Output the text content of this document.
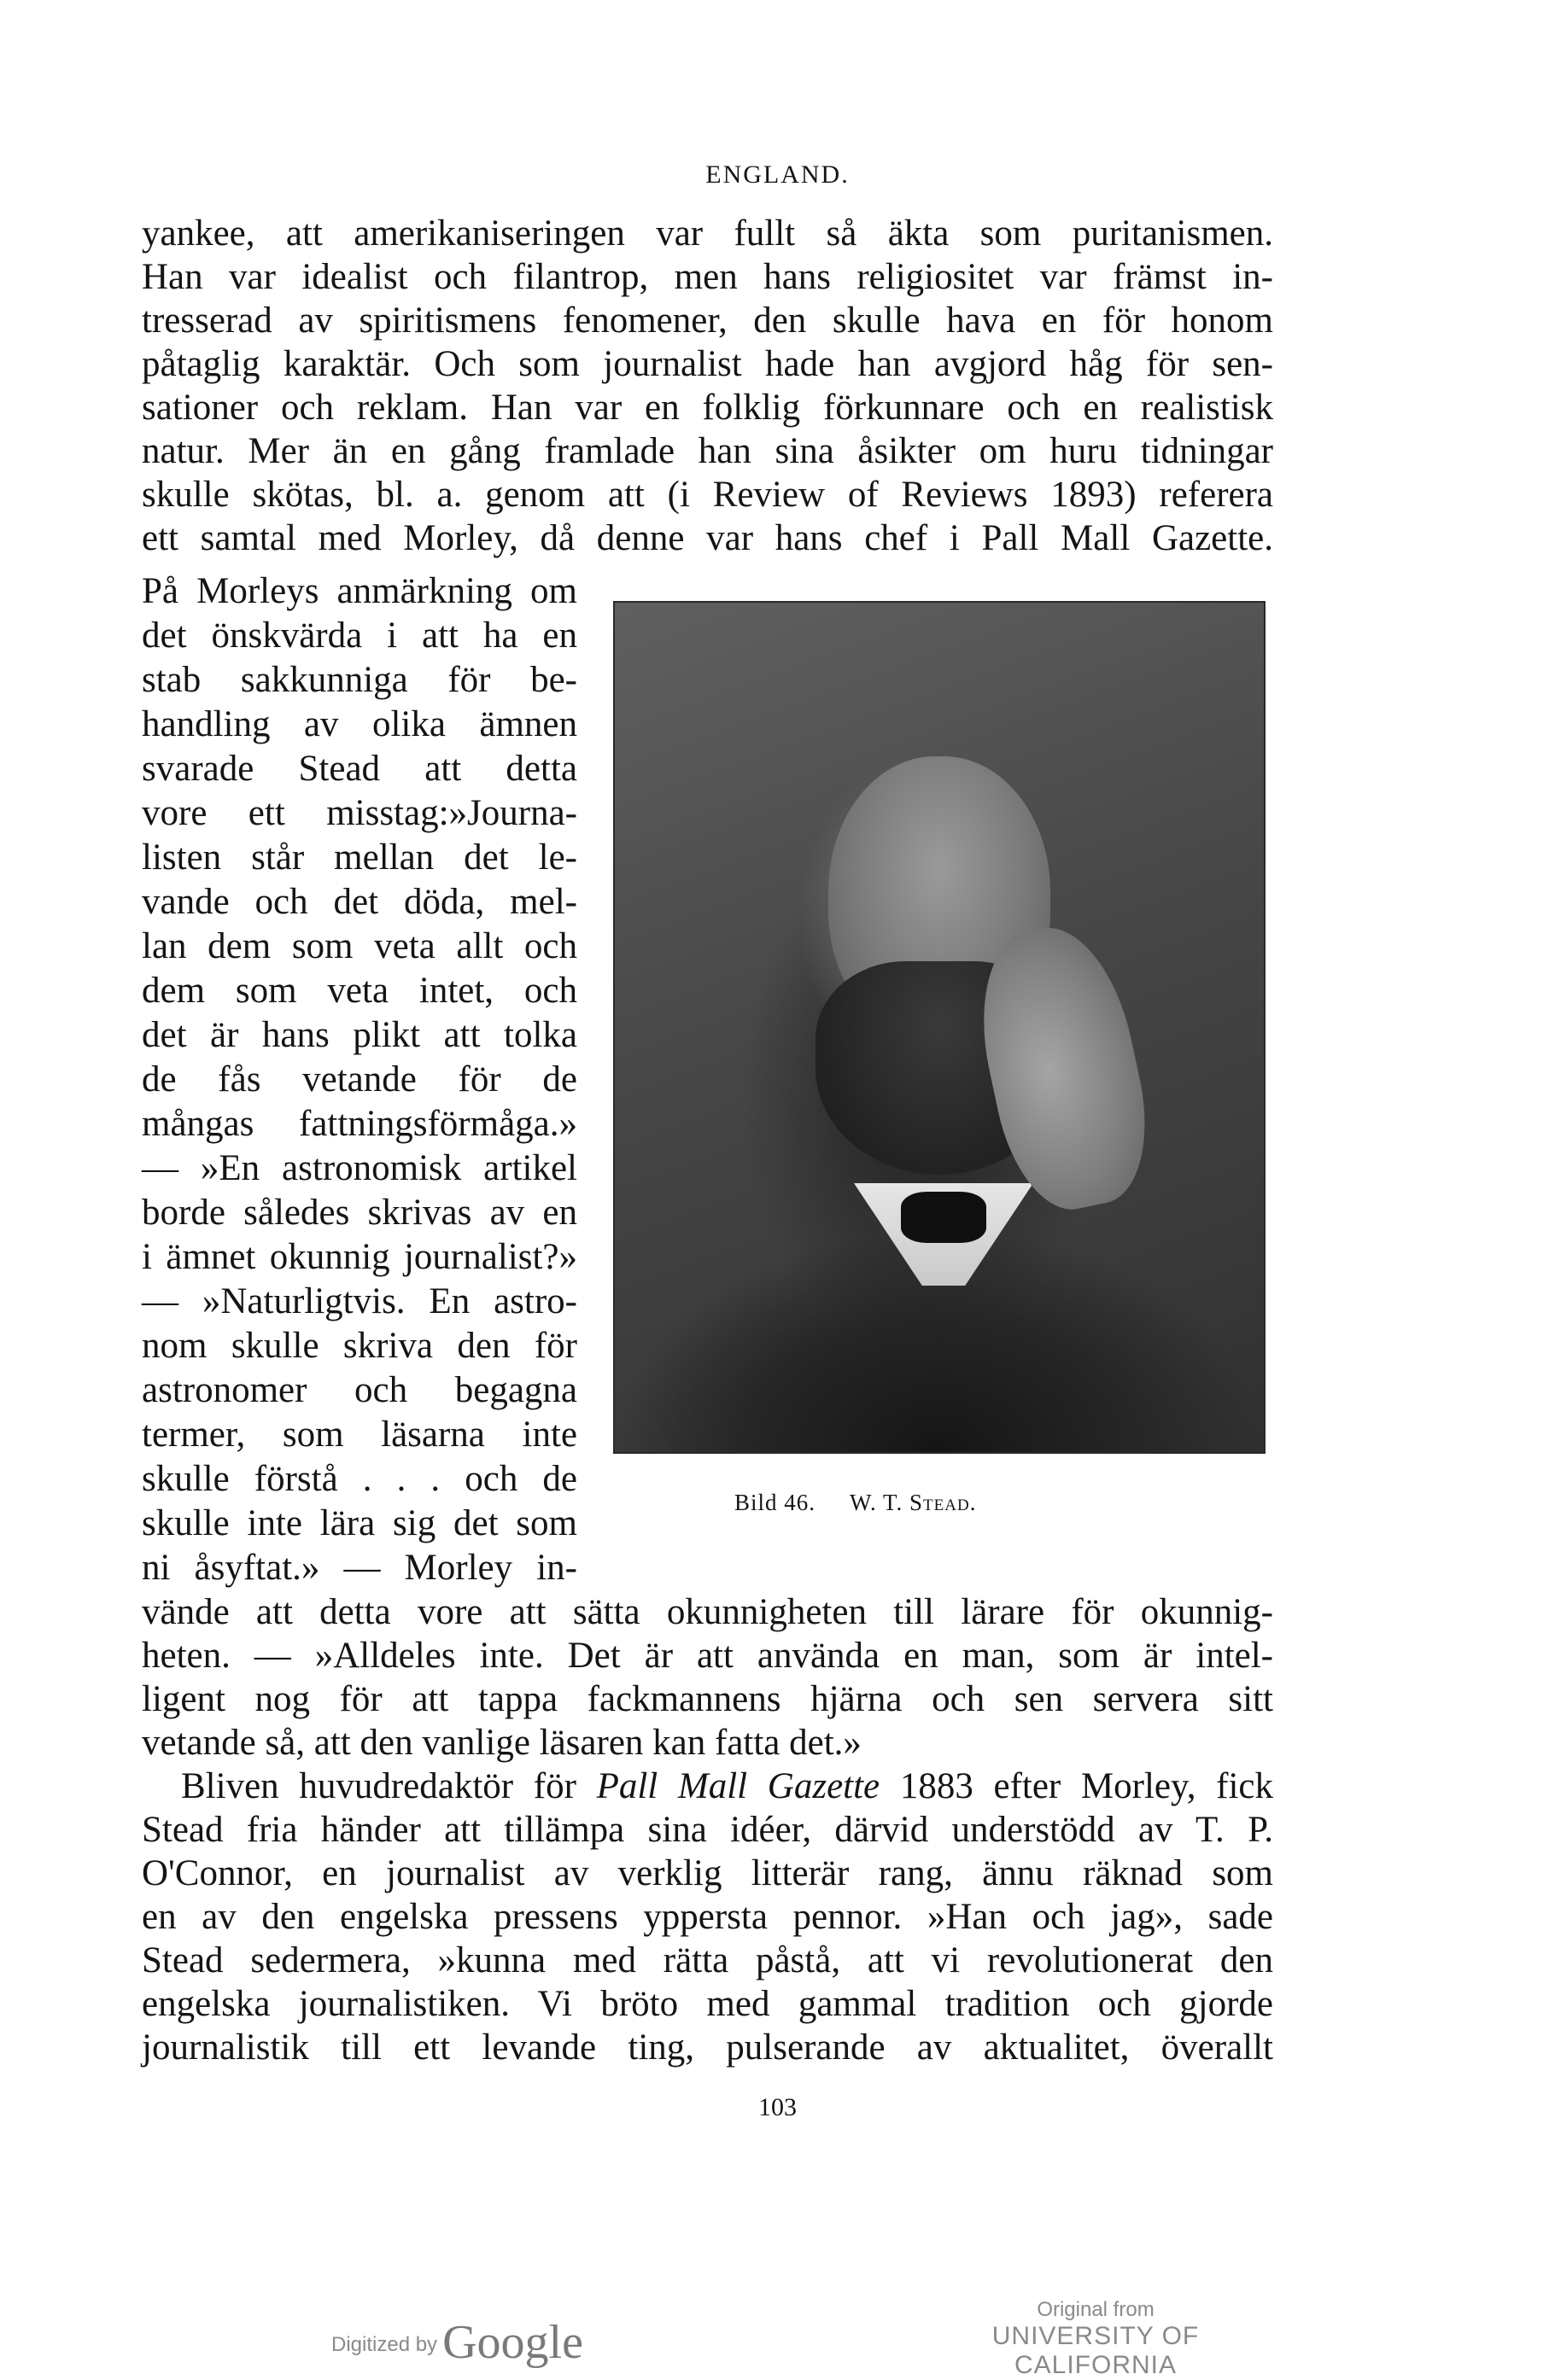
ENGLAND.
yankee, att amerikaniseringen var fullt så äkta som puritanismen.
Han var idealist och filantrop, men hans religiositet var främst in-
tresserad av spiritismens fenomener, den skulle hava en för honom
påtaglig karaktär. Och som journalist hade han avgjord håg för sen-
sationer och reklam. Han var en folklig förkunnare och en realistisk
natur. Mer än en gång framlade han sina åsikter om huru tidningar
skulle skötas, bl. a. genom att (i Review of Reviews 1893) referera
ett samtal med Morley, då denne var hans chef i Pall Mall Gazette.
På Morleys anmärkning om
det önskvärda i att ha en
stab sakkunniga för be-
handling av olika ämnen
svarade Stead att detta
vore ett misstag:»Journa-
listen står mellan det le-
vande och det döda, mel-
lan dem som veta allt och
dem som veta intet, och
det är hans plikt att tolka
de fås vetande för de
mångas fattningsförmåga.»
— »En astronomisk artikel
borde således skrivas av en
i ämnet okunnig journalist?»
— »Naturligtvis. En astro-
nom skulle skriva den för
astronomer och begagna
termer, som läsarna inte
skulle förstå . . . och de
skulle inte lära sig det som
ni åsyftat.» — Morley in-
Bild 46. W. T. Stead.
vände att detta vore att sätta okunnigheten till lärare för okunnig-
heten. — »Alldeles inte. Det är att använda en man, som är intel-
ligent nog för att tappa fackmannens hjärna och sen servera sitt
vetande så, att den vanlige läsaren kan fatta det.»
Bliven huvudredaktör för Pall Mall Gazette 1883 efter Morley, fick
Stead fria händer att tillämpa sina idéer, därvid understödd av T. P.
O'Connor, en journalist av verklig litterär rang, ännu räknad som
en av den engelska pressens yppersta pennor. »Han och jag», sade
Stead sedermera, »kunna med rätta påstå, att vi revolutionerat den
engelska journalistiken. Vi bröto med gammal tradition och gjorde
journalistik till ett levande ting, pulserande av aktualitet, överallt
103
Digitized by Google
Original from
UNIVERSITY OF CALIFORNIA
